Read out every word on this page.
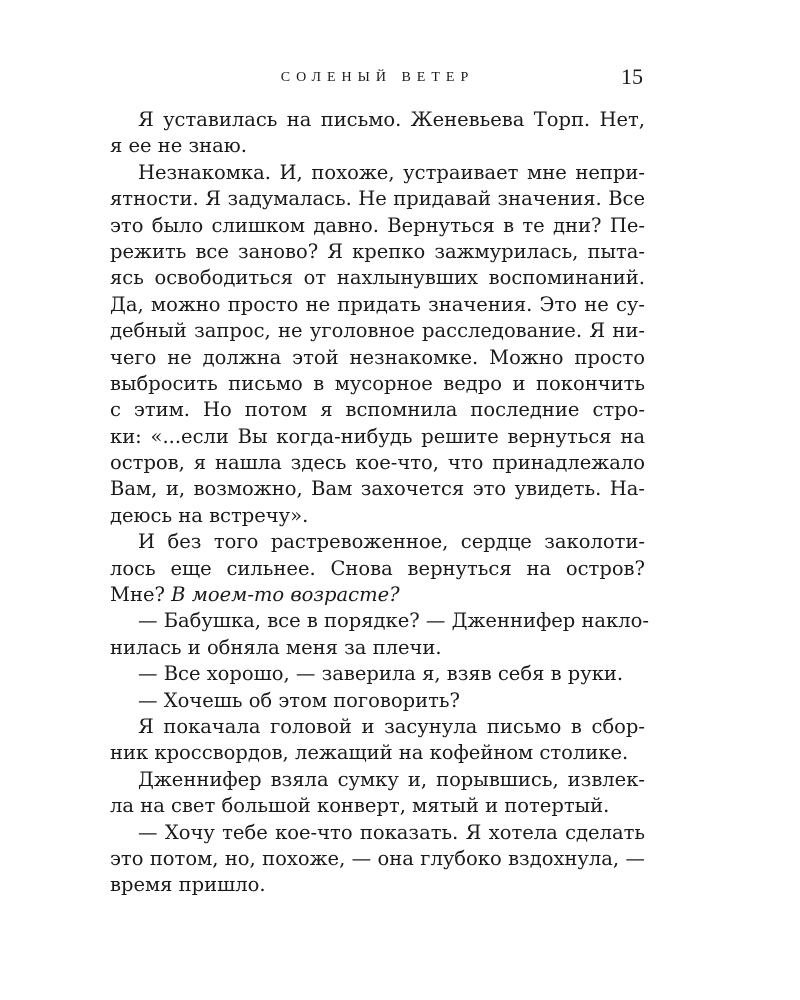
СОЛЕНЫЙ ВЕТЕР	15
Я уставилась на письмо. Женевьева Торп. Нет,
я ее не знаю.
Незнакомка. И, похоже, устраивает мне непри-
ятности. Я задумалась. Не придавай значения. Все
это было слишком давно. Вернуться в те дни? Пе-
режить все заново? Я крепко зажмурилась, пыта-
ясь освободиться от нахлынувших воспоминаний.
Да, можно просто не придать значения. Это не су-
дебный запрос, не уголовное расследование. Я ни-
чего не должна этой незнакомке. Можно просто
выбросить письмо в мусорное ведро и покончить
с этим. Но потом я вспомнила последние стро-
ки: «...если Вы когда-нибудь решите вернуться на
остров, я нашла здесь кое-что, что принадлежало
Вам, и, возможно, Вам захочется это увидеть. На-
деюсь на встречу».
И без того растревоженное, сердце заколоти-
лось еще сильнее. Снова вернуться на остров?
Мне? В моем-то возрасте?
— Бабушка, все в порядке? — Дженнифер накло-
нилась и обняла меня за плечи.
— Все хорошо, — заверила я, взяв себя в руки.
— Хочешь об этом поговорить?
Я покачала головой и засунула письмо в сбор-
ник кроссвордов, лежащий на кофейном столике.
Дженнифер взяла сумку и, порывшись, извлек-
ла на свет большой конверт, мятый и потертый.
— Хочу тебе кое-что показать. Я хотела сделать
это потом, но, похоже, — она глубоко вздохнула, —
время пришло.
